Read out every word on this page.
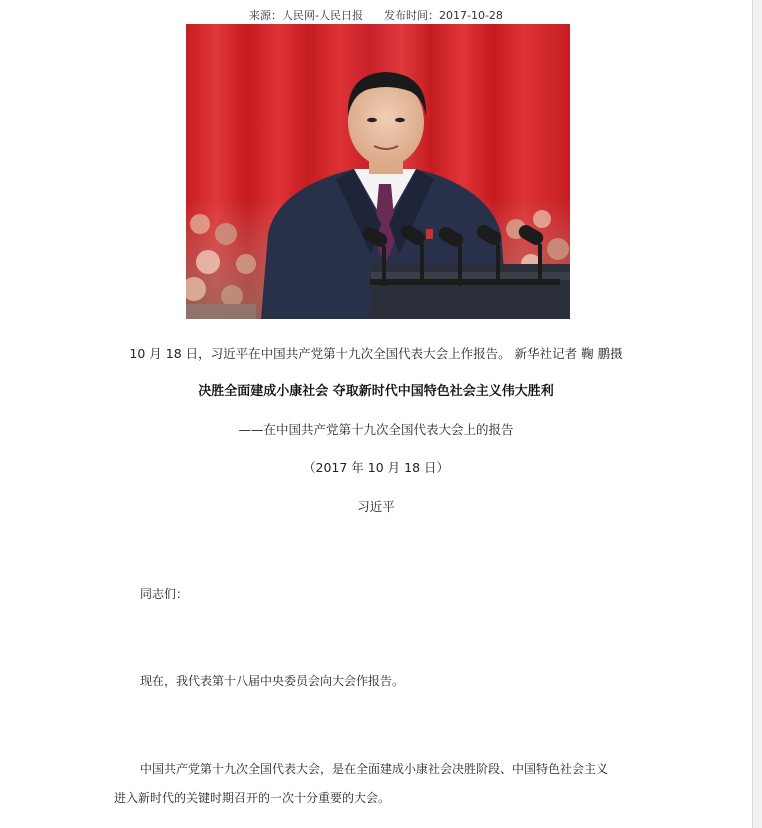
来源：人民网-人民日报 发布时间：2017-10-28
10 月 18 日，习近平在中国共产党第十九次全国代表大会上作报告。 新华社记者 鞠 鹏摄
决胜全面建成小康社会 夺取新时代中国特色社会主义伟大胜利
——在中国共产党第十九次全国代表大会上的报告
（2017 年 10 月 18 日）
习近平
同志们：
现在，我代表第十八届中央委员会向大会作报告。
中国共产党第十九次全国代表大会，是在全面建成小康社会决胜阶段、中国特色社会主义
进入新时代的关键时期召开的一次十分重要的大会。
